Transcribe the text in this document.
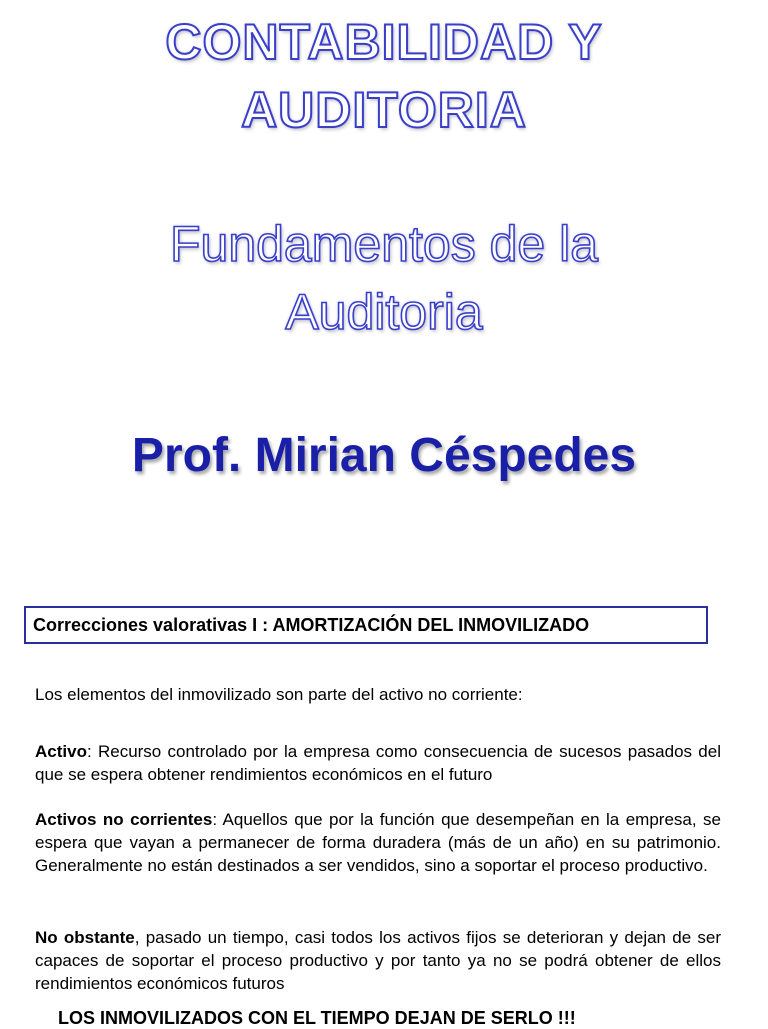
CONTABILIDAD Y
AUDITORIA
Fundamentos de la
Auditoria
Prof. Mirian Céspedes
Correcciones valorativas I : AMORTIZACIÓN DEL INMOVILIZADO

Los elementos del inmovilizado son parte del activo no corriente:

Activo: Recurso controlado por la empresa como consecuencia de sucesos pasados del que se espera obtener rendimientos económicos en el futuro

Activos no corrientes: Aquellos que por la función que desempeñan en la empresa, se espera que vayan a permanecer de forma duradera (más de un año) en su patrimonio. Generalmente no están destinados a ser vendidos, sino a soportar el proceso productivo.

No obstante, pasado un tiempo, casi todos los activos fijos se deterioran y dejan de ser capaces de soportar el proceso productivo y por tanto ya no se podrá obtener de ellos rendimientos económicos futuros

LOS INMOVILIZADOS CON EL TIEMPO DEJAN DE SERLO !!!
